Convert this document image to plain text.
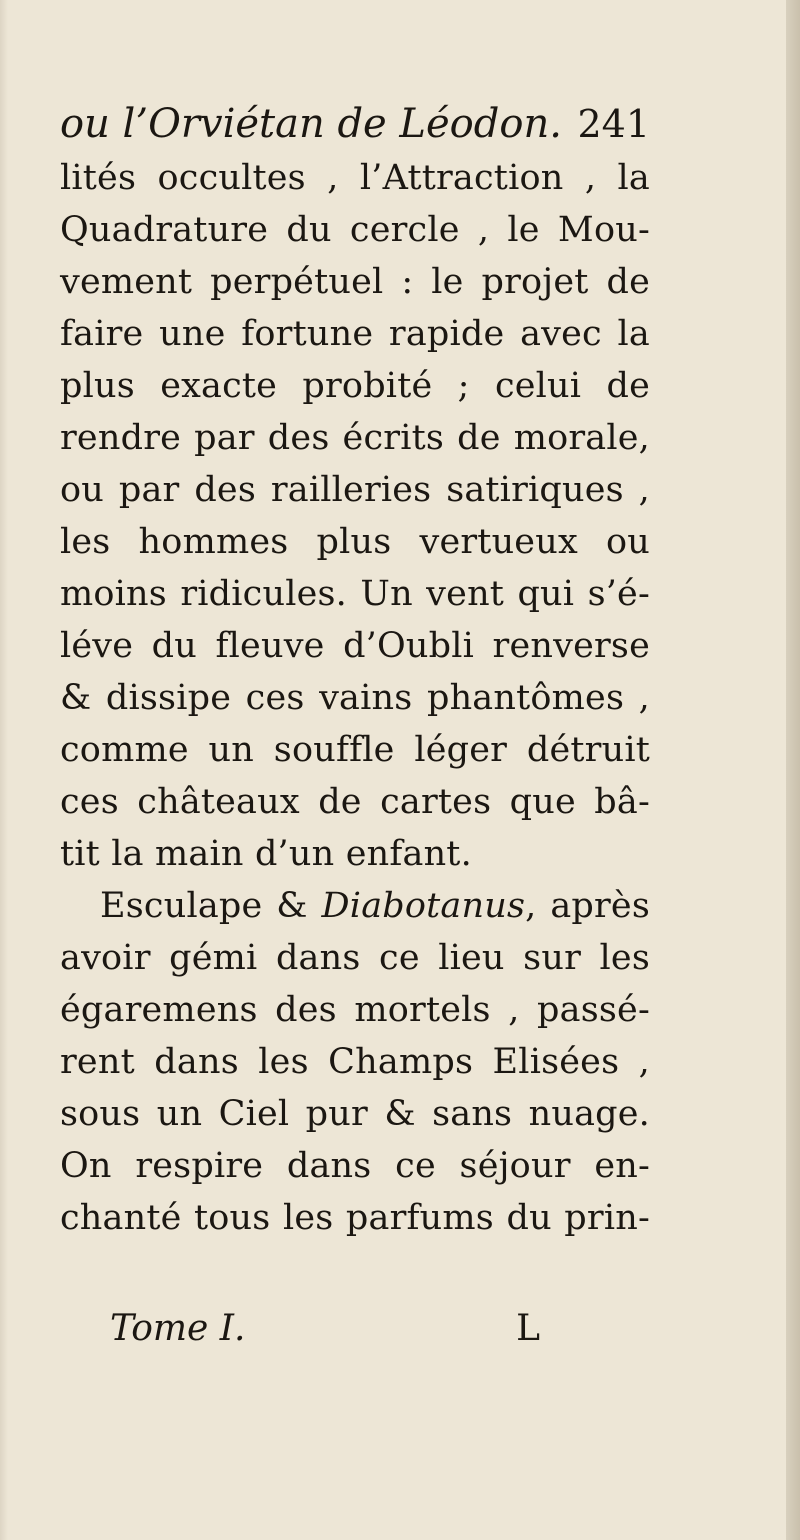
ou l’Orviétan de Léodon. 241
lités occultes , l’Attraction , la
Quadrature du cercle , le Mou-
vement perpétuel : le projet de
faire une fortune rapide avec la
plus exacte probité ; celui de
rendre par des écrits de morale,
ou par des railleries satiriques ,
les hommes plus vertueux ou
moins ridicules. Un vent qui s’é-
léve du fleuve d’Oubli renverse
& dissipe ces vains phantômes ,
comme un souffle léger détruit
ces châteaux de cartes que bâ-
tit la main d’un enfant.
Esculape & Diabotanus, après
avoir gémi dans ce lieu sur les
égaremens des mortels , passé-
rent dans les Champs Elisées ,
sous un Ciel pur & sans nuage.
On respire dans ce séjour en-
chanté tous les parfums du prin-
Tome I.	L
